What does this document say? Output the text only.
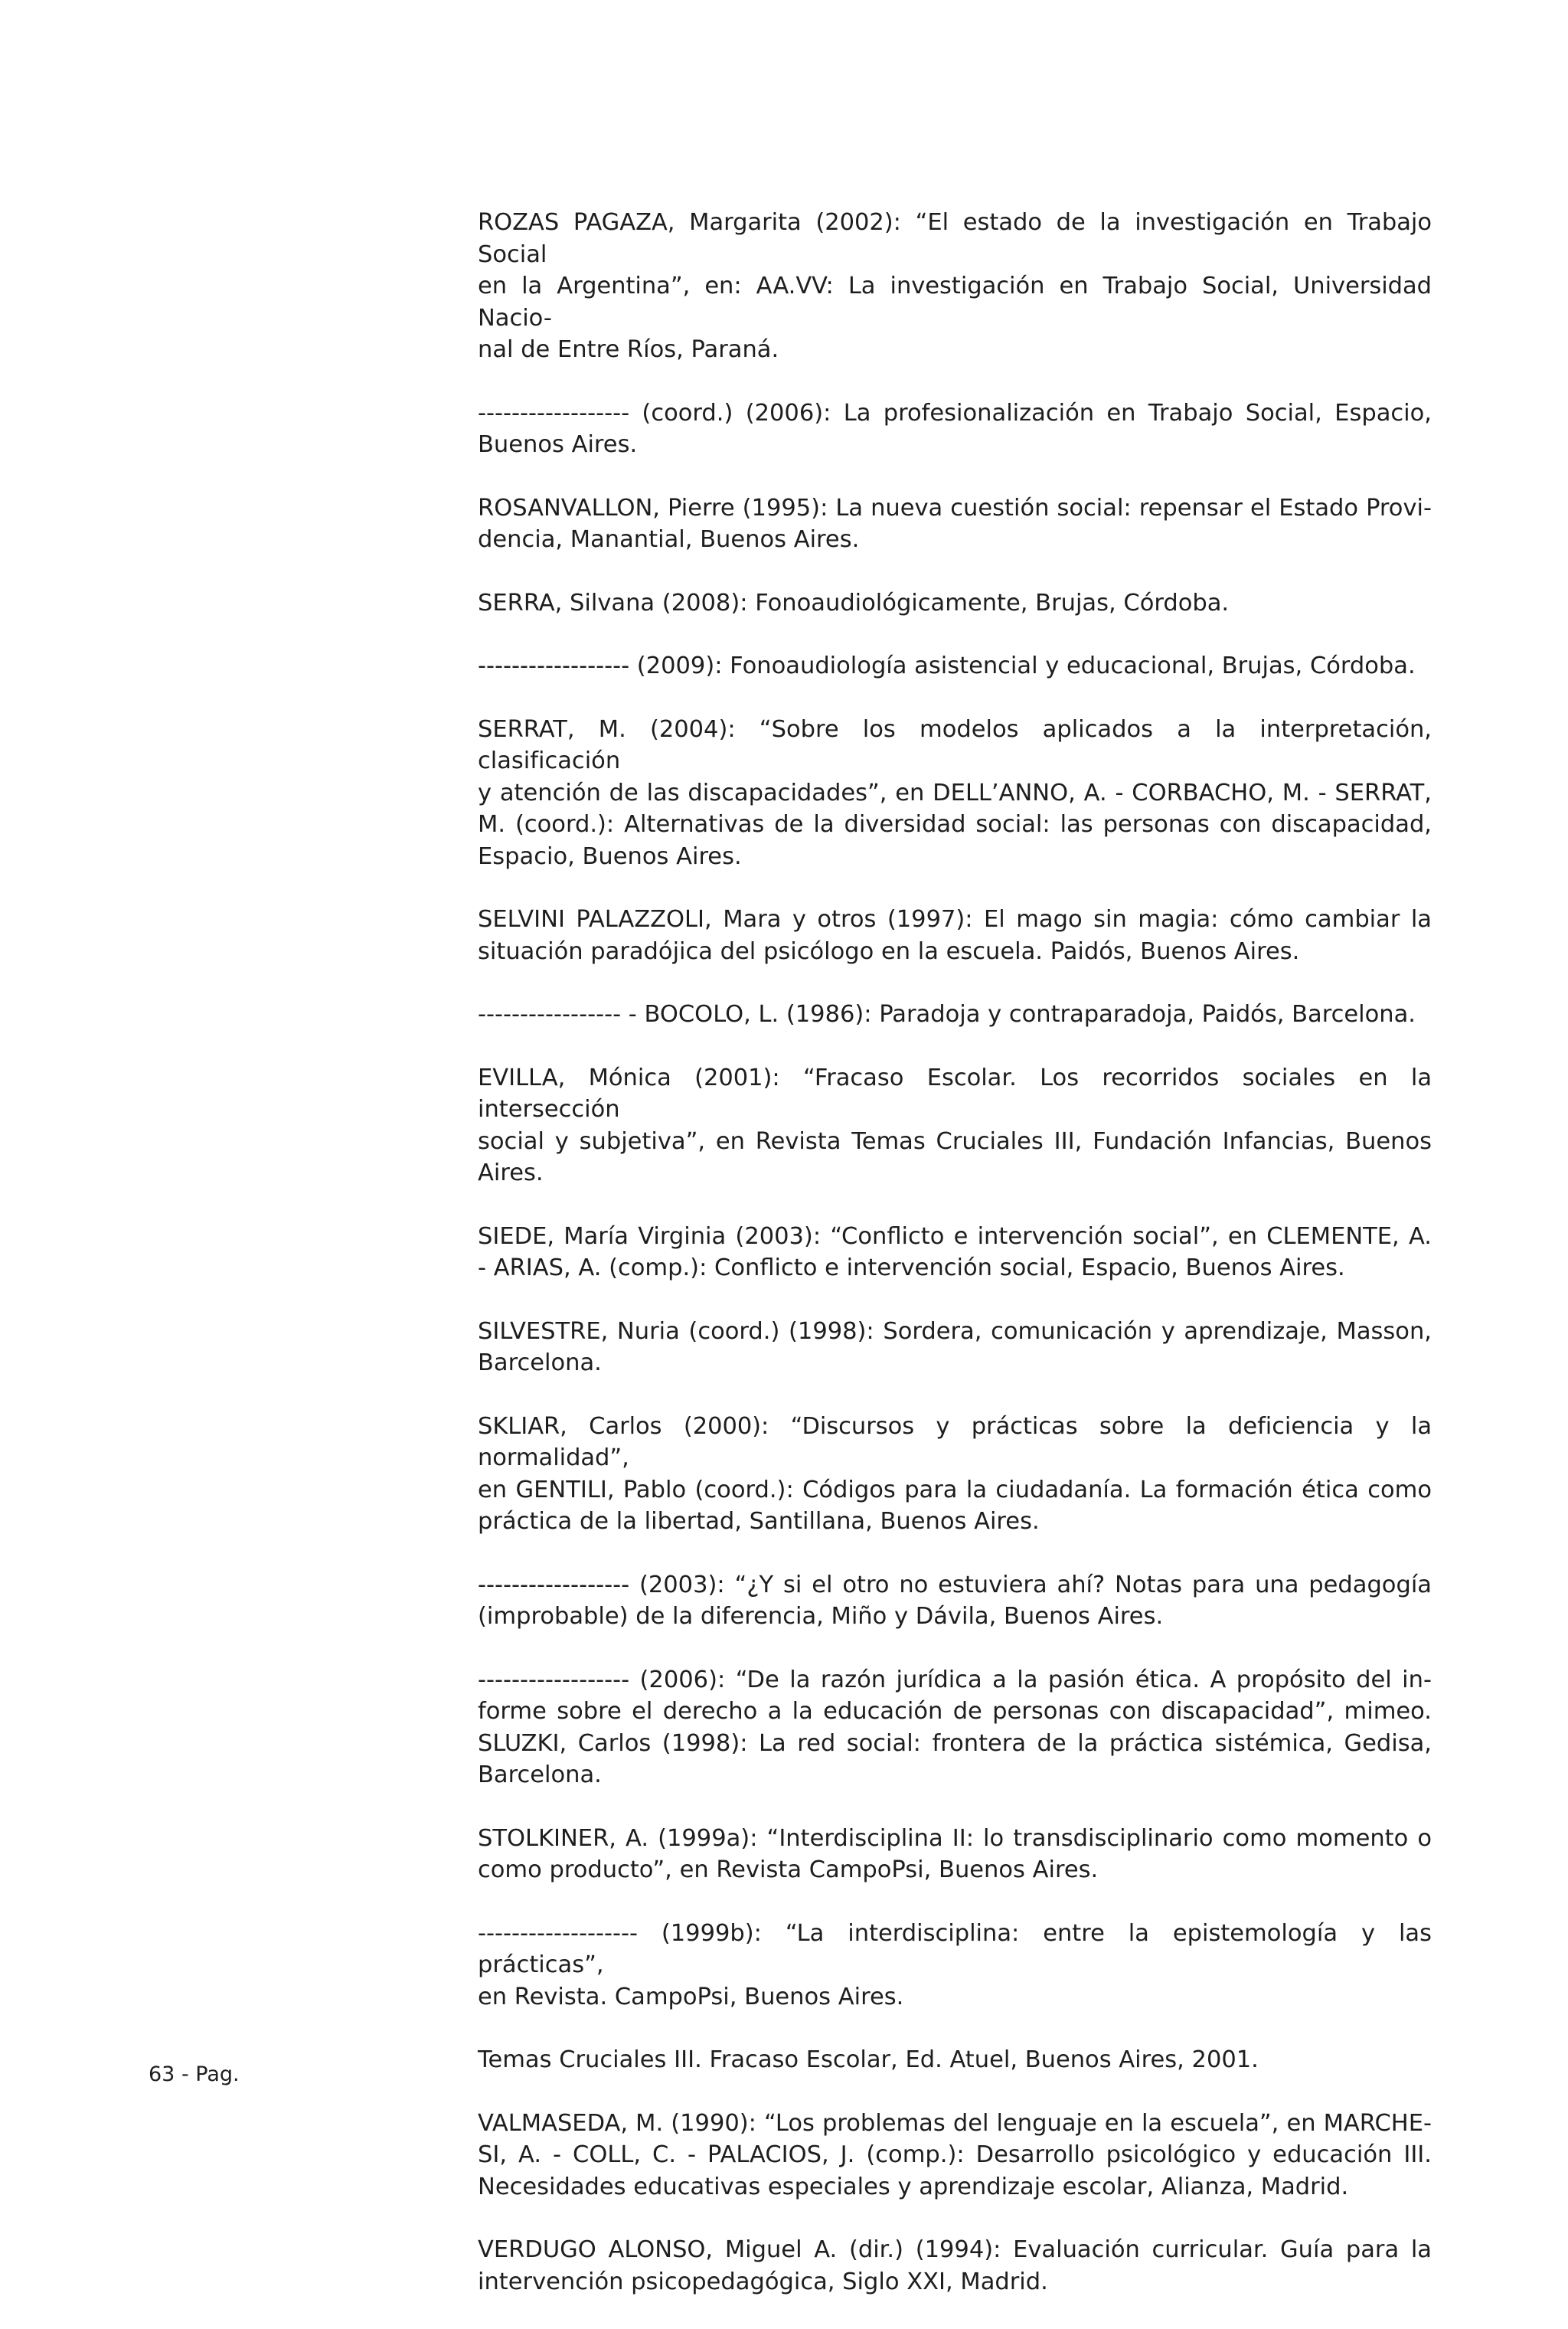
ROZAS PAGAZA, Margarita (2002): “El estado de la investigación en Trabajo Social
en la Argentina”, en: AA.VV: La investigación en Trabajo Social, Universidad Nacio-
nal de Entre Ríos, Paraná.
------------------ (coord.) (2006): La profesionalización en Trabajo Social, Espacio,
Buenos Aires.
ROSANVALLON, Pierre (1995): La nueva cuestión social: repensar el Estado Provi-
dencia, Manantial, Buenos Aires.
SERRA, Silvana (2008): Fonoaudiológicamente, Brujas, Córdoba.
------------------ (2009): Fonoaudiología asistencial y educacional, Brujas, Córdoba.
SERRAT, M. (2004): “Sobre los modelos aplicados a la interpretación, clasificación
y atención de las discapacidades”, en DELL’ANNO, A. - CORBACHO, M. - SERRAT,
M. (coord.): Alternativas de la diversidad social: las personas con discapacidad,
Espacio, Buenos Aires.
SELVINI PALAZZOLI, Mara y otros (1997): El mago sin magia: cómo cambiar la
situación paradójica del psicólogo en la escuela. Paidós, Buenos Aires.
----------------- - BOCOLO, L. (1986): Paradoja y contraparadoja, Paidós, Barcelona.
EVILLA, Mónica (2001): “Fracaso Escolar. Los recorridos sociales en la intersección
social y subjetiva”, en Revista Temas Cruciales III, Fundación Infancias, Buenos
Aires.
SIEDE, María Virginia (2003): “Conflicto e intervención social”, en CLEMENTE, A.
- ARIAS, A. (comp.): Conflicto e intervención social, Espacio, Buenos Aires.
SILVESTRE, Nuria (coord.) (1998): Sordera, comunicación y aprendizaje, Masson,
Barcelona.
SKLIAR, Carlos (2000): “Discursos y prácticas sobre la deficiencia y la normalidad”,
en GENTILI, Pablo (coord.): Códigos para la ciudadanía. La formación ética como
práctica de la libertad, Santillana, Buenos Aires.
------------------ (2003): “¿Y si el otro no estuviera ahí? Notas para una pedagogía
(improbable) de la diferencia, Miño y Dávila, Buenos Aires.
------------------ (2006): “De la razón jurídica a la pasión ética. A propósito del in-
forme sobre el derecho a la educación de personas con discapacidad”, mimeo.
SLUZKI, Carlos (1998): La red social: frontera de la práctica sistémica, Gedisa,
Barcelona.
STOLKINER, A. (1999a): “Interdisciplina II: lo transdisciplinario como momento o
como producto”, en Revista CampoPsi, Buenos Aires.
------------------- (1999b): “La interdisciplina: entre la epistemología y las prácticas”,
en Revista. CampoPsi, Buenos Aires.
Temas Cruciales III. Fracaso Escolar, Ed. Atuel, Buenos Aires, 2001.
VALMASEDA, M. (1990): “Los problemas del lenguaje en la escuela”, en MARCHE-
SI, A. - COLL, C. - PALACIOS, J. (comp.): Desarrollo psicológico y educación III.
Necesidades educativas especiales y aprendizaje escolar, Alianza, Madrid.
VERDUGO ALONSO, Miguel A. (dir.) (1994): Evaluación curricular. Guía para la
intervención psicopedagógica, Siglo XXI, Madrid.
63 - Pag.
